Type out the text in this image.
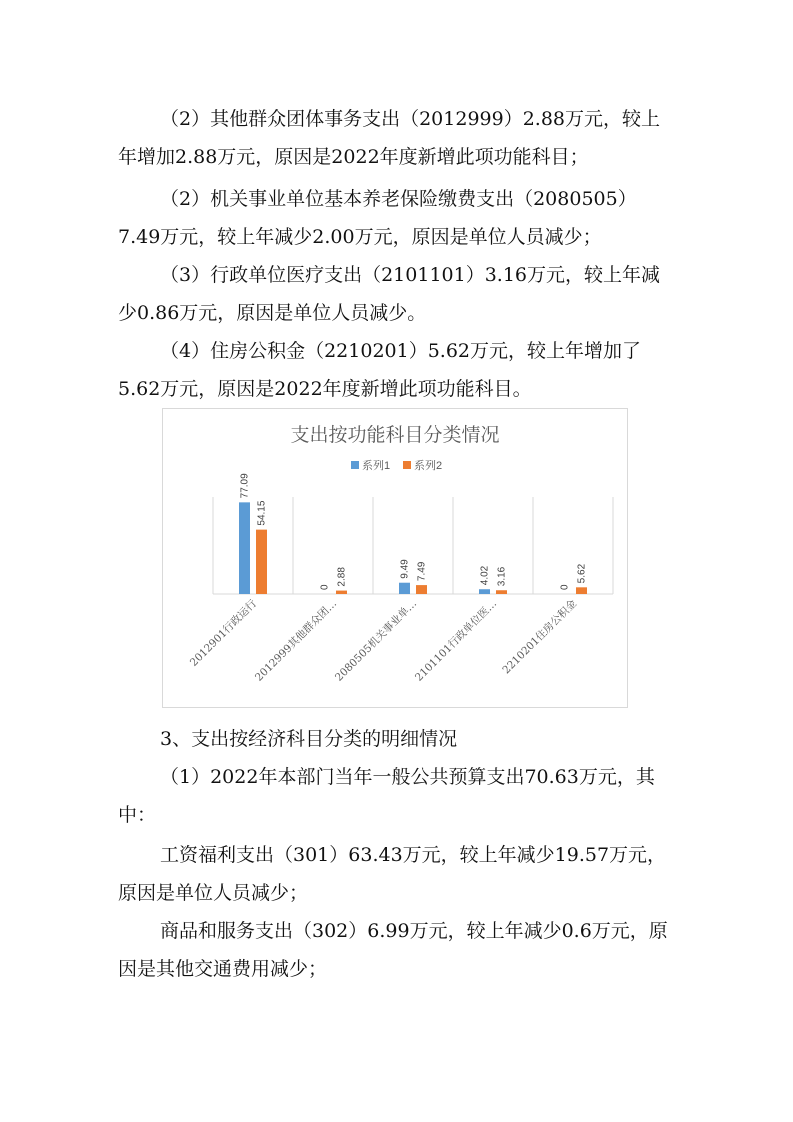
（2）其他群众团体事务支出（2012999）2.88万元，较上年增加2.88万元，原因是2022年度新增此项功能科目；

（2）机关事业单位基本养老保险缴费支出（2080505）7.49万元，较上年减少2.00万元，原因是单位人员减少；

（3）行政单位医疗支出（2101101）3.16万元，较上年减少0.86万元，原因是单位人员减少。

（4）住房公积金（2210201）5.62万元，较上年增加了5.62万元，原因是2022年度新增此项功能科目。

支出按功能科目分类情况
系列1 系列2
77.09
54.15
2012901行政运行
0
2.88
2012999其他群众团…
9.49 7.49
2080505机关事业单…
4.02 3.16
2101101行政单位医…
0
5.62
2210201住房公积金

3、支出按经济科目分类的明细情况

（1）2022年本部门当年一般公共预算支出70.63万元，其中：

工资福利支出（301）63.43万元，较上年减少19.57万元，原因是单位人员减少；

商品和服务支出（302）6.99万元，较上年减少0.6万元，原因是其他交通费用减少；
